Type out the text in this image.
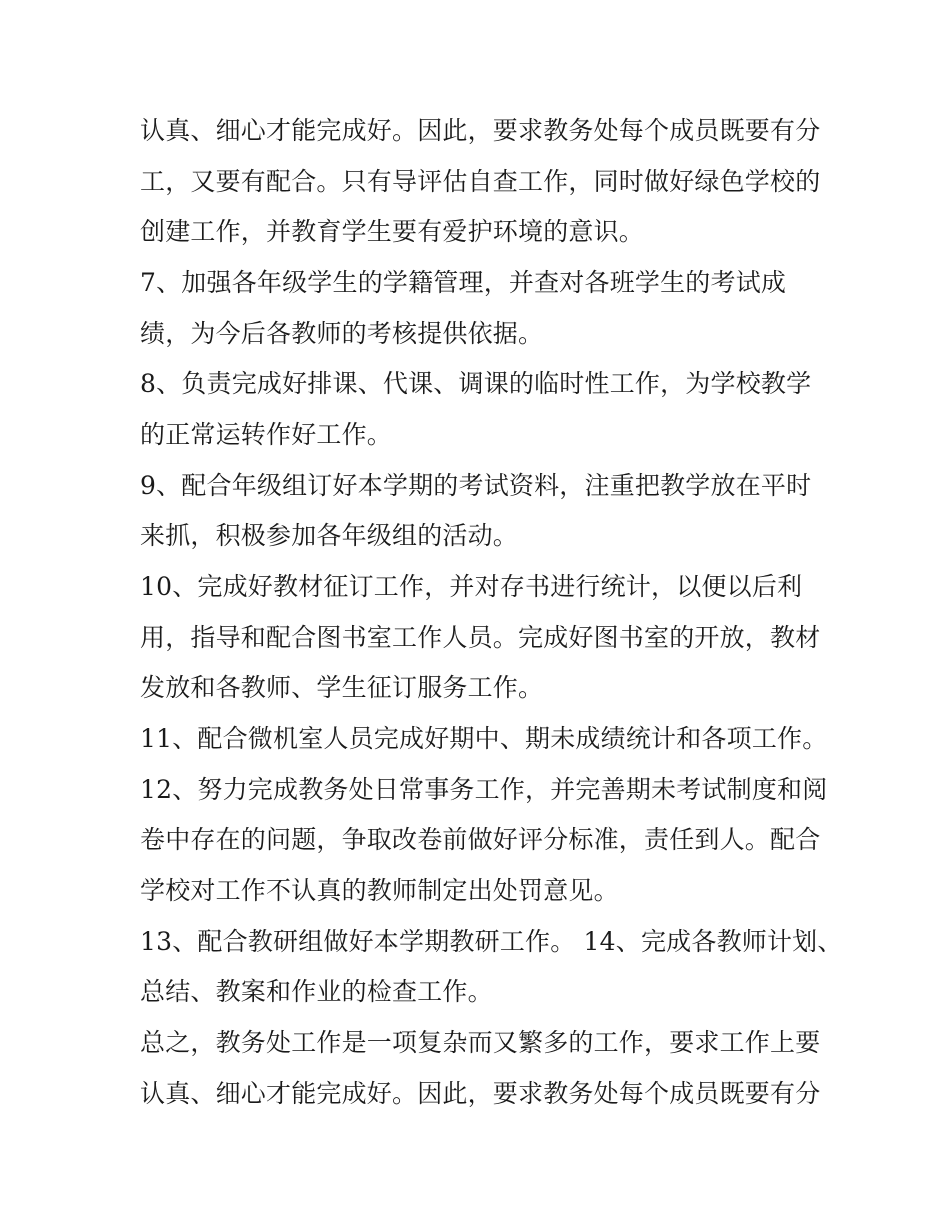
认真、细心才能完成好。因此，要求教务处每个成员既要有分
工，又要有配合。只有导评估自查工作，同时做好绿色学校的
创建工作，并教育学生要有爱护环境的意识。
7、加强各年级学生的学籍管理，并查对各班学生的考试成
绩，为今后各教师的考核提供依据。
8、负责完成好排课、代课、调课的临时性工作，为学校教学
的正常运转作好工作。
9、配合年级组订好本学期的考试资料，注重把教学放在平时
来抓，积极参加各年级组的活动。
10、完成好教材征订工作，并对存书进行统计，以便以后利
用，指导和配合图书室工作人员。完成好图书室的开放，教材
发放和各教师、学生征订服务工作。
11、配合微机室人员完成好期中、期未成绩统计和各项工作。
12、努力完成教务处日常事务工作，并完善期未考试制度和阅
卷中存在的问题，争取改卷前做好评分标准，责任到人。配合
学校对工作不认真的教师制定出处罚意见。
13、配合教研组做好本学期教研工作。 14、完成各教师计划、
总结、教案和作业的检查工作。
总之，教务处工作是一项复杂而又繁多的工作，要求工作上要
认真、细心才能完成好。因此，要求教务处每个成员既要有分
